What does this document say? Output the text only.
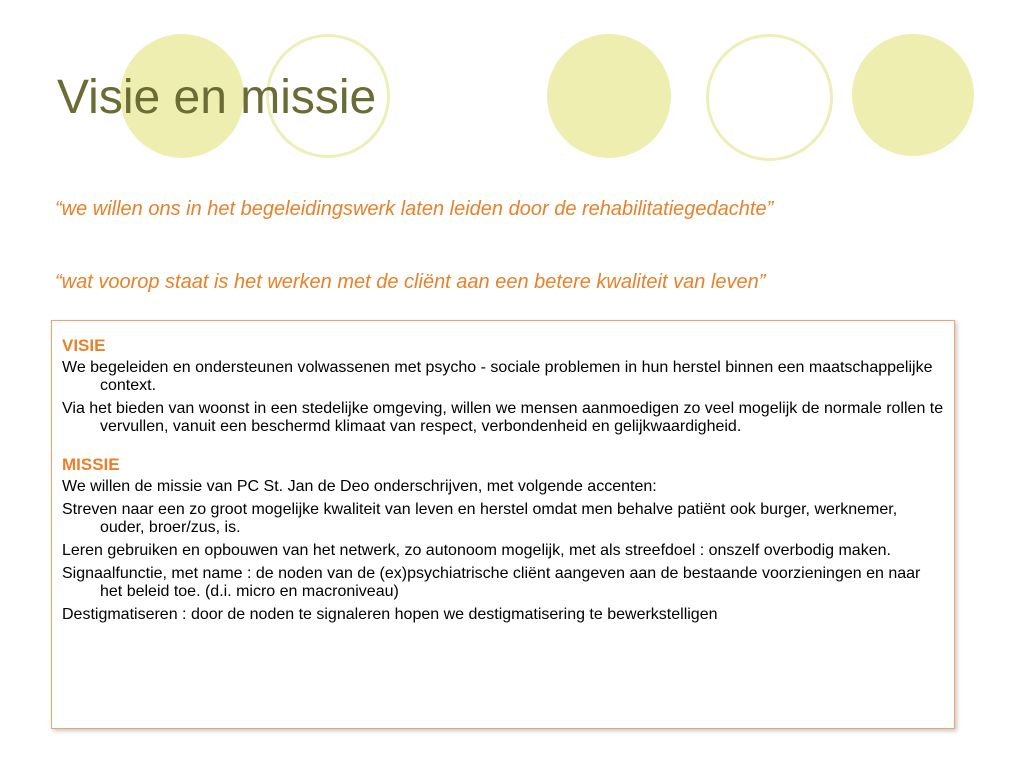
Visie en missie

“we willen ons in het begeleidingswerk laten leiden door de rehabilitatiegedachte”

“wat voorop staat is het werken met de cliënt aan een betere kwaliteit van leven”

VISIE
We begeleiden en ondersteunen volwassenen met psycho - sociale problemen in hun herstel binnen een maatschappelijke context.
Via het bieden van woonst in een stedelijke omgeving, willen we mensen aanmoedigen zo veel mogelijk de normale rollen te vervullen, vanuit een beschermd klimaat van respect, verbondenheid en gelijkwaardigheid.
MISSIE
We willen de missie van PC St. Jan de Deo onderschrijven, met volgende accenten:
Streven naar een zo groot mogelijke kwaliteit van leven en herstel omdat men behalve patiënt ook burger, werknemer, ouder, broer/zus, is.
Leren gebruiken en opbouwen van het netwerk, zo autonoom mogelijk, met als streefdoel : onszelf overbodig maken.
Signaalfunctie, met name : de noden van de (ex)psychiatrische cliënt aangeven aan de bestaande voorzieningen en naar het beleid toe. (d.i. micro en macroniveau)
Destigmatiseren : door de noden te signaleren hopen we destigmatisering te bewerkstelligen
